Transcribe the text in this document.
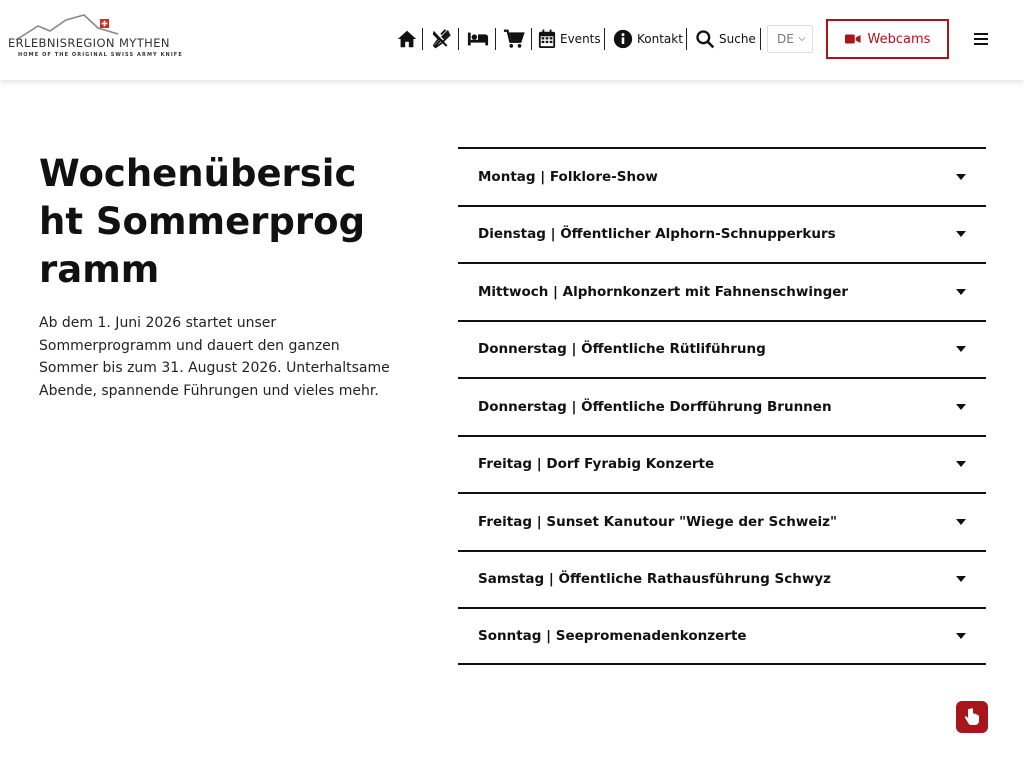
ERLEBNISREGION MYTHEN
HOME OF THE ORIGINAL SWISS ARMY KNIFE
Events	Kontakt	Suche DE	Webcams
Wochenübersicht Sommerprogramm

Ab dem 1. Juni 2026 startet unser Sommerprogramm und dauert den ganzen Sommer bis zum 31. August 2026. Unterhaltsame Abende, spannende Führungen und vieles mehr.

Montag | Folklore-Show
Dienstag | Öffentlicher Alphorn-Schnupperkurs
Mittwoch | Alphornkonzert mit Fahnenschwinger
Donnerstag | Öffentliche Rütliführung
Donnerstag | Öffentliche Dorfführung Brunnen
Freitag | Dorf Fyrabig Konzerte
Freitag | Sunset Kanutour "Wiege der Schweiz"
Samstag | Öffentliche Rathausführung Schwyz
Sonntag | Seepromenadenkonzerte
